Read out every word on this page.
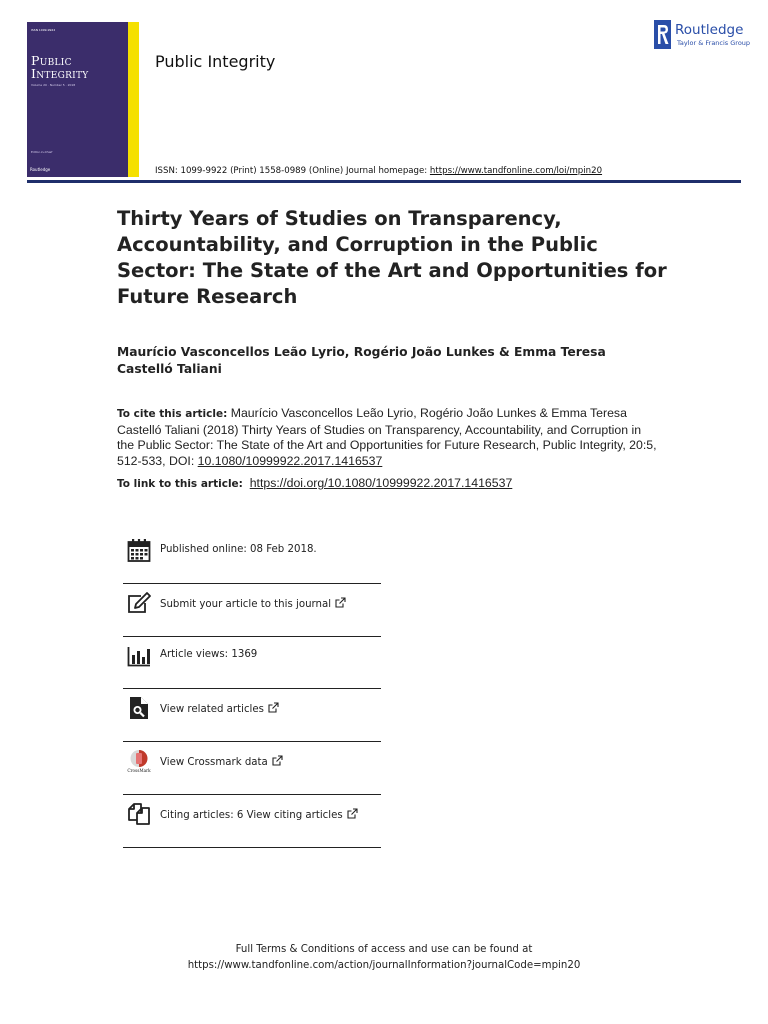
ISSN 1099-9922
Public
Integrity
Volume 20 · Number 5 · 2018
Editor-in-Chief
Routledge
Public Integrity
Routledge
Taylor & Francis Group
ISSN: 1099-9922 (Print) 1558-0989 (Online) Journal homepage: https://www.tandfonline.com/loi/mpin20
Thirty Years of Studies on Transparency, Accountability, and Corruption in the Public Sector: The State of the Art and Opportunities for Future Research
Maurício Vasconcellos Leão Lyrio, Rogério João Lunkes & Emma Teresa Castelló Taliani
To cite this article: Maurício Vasconcellos Leão Lyrio, Rogério João Lunkes & Emma Teresa Castelló Taliani (2018) Thirty Years of Studies on Transparency, Accountability, and Corruption in the Public Sector: The State of the Art and Opportunities for Future Research, Public Integrity, 20:5, 512-533, DOI: 10.1080/10999922.2017.1416537
To link to this article: https://doi.org/10.1080/10999922.2017.1416537
Published online: 08 Feb 2018.
Submit your article to this journal
Article views: 1369
View related articles
CrossMark
View Crossmark data
Citing articles: 6 View citing articles
Full Terms & Conditions of access and use can be found at
https://www.tandfonline.com/action/journalInformation?journalCode=mpin20
